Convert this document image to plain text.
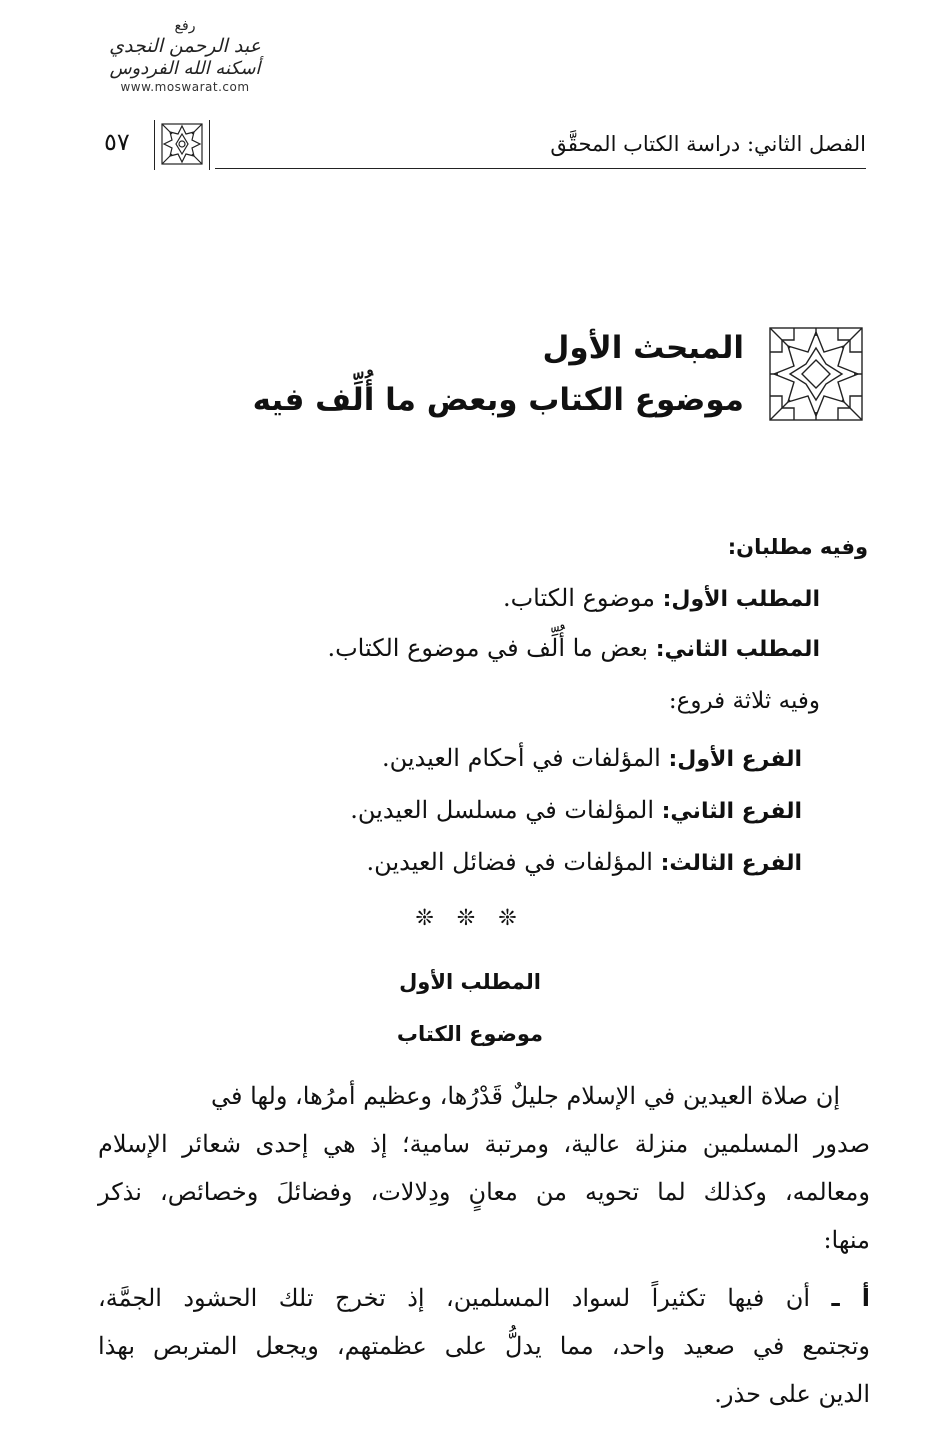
رفع
عبد الرحمن النجدي
أسكنه الله الفردوس
www.moswarat.com
الفصل الثاني: دراسة الكتاب المحقَّق
٥٧
المبحث الأول
موضوع الكتاب وبعض ما أُلِّف فيه
وفيه مطلبان:
المطلب الأول: موضوع الكتاب.
المطلب الثاني: بعض ما أُلِّف في موضوع الكتاب.
وفيه ثلاثة فروع:
الفرع الأول: المؤلفات في أحكام العيدين.
الفرع الثاني: المؤلفات في مسلسل العيدين.
الفرع الثالث: المؤلفات في فضائل العيدين.
❊ ❊ ❊
المطلب الأول
موضوع الكتاب
إن صلاة العيدين في الإسلام جليلٌ قَدْرُها، وعظيم أمرُها، ولها في
صدور المسلمين منزلة عالية، ومرتبة سامية؛ إذ هي إحدى شعائر الإسلام
ومعالمه، وكذلك لما تحويه من معانٍ ودِلالات، وفضائلَ وخصائص، نذكر
منها:
أ ـ أن فيها تكثيراً لسواد المسلمين، إذ تخرج تلك الحشود الجمَّة،
وتجتمع في صعيد واحد، مما يدلُّ على عظمتهم، ويجعل المتربص بهذا
الدين على حذر.
